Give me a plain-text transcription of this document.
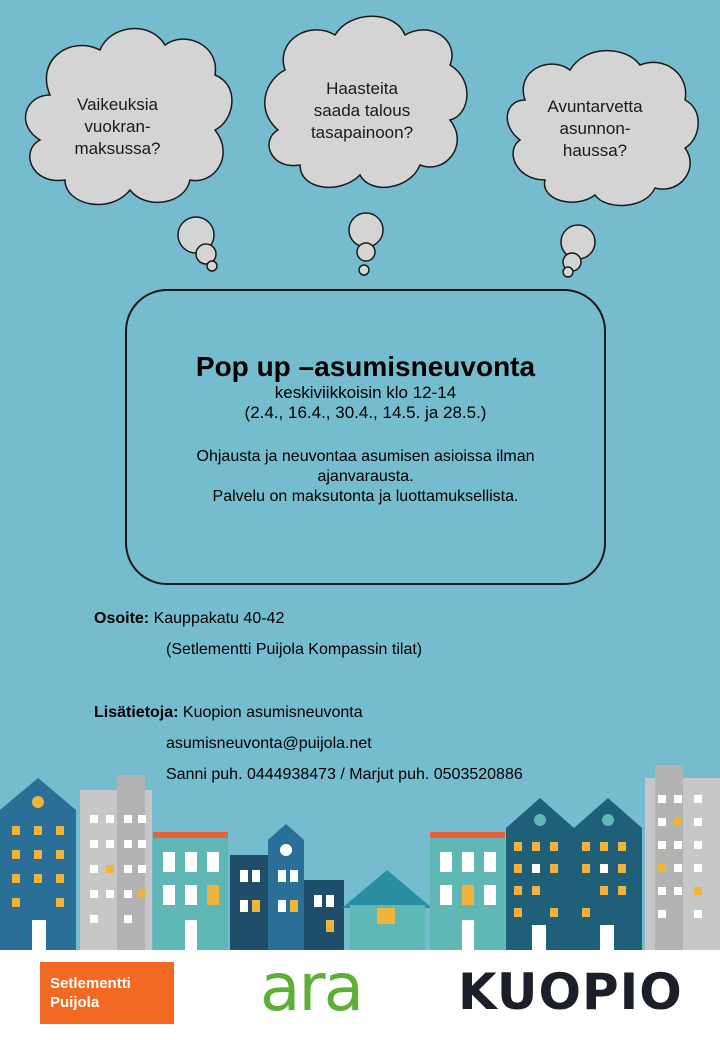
Vaikeuksia
vuokran-
maksussa?
Haasteita
saada talous
tasapainoon?
Avuntarvetta
asunnon-
haussa?
Pop up –asumisneuvonta
keskiviikkoisin klo 12-14
(2.4., 16.4., 30.4., 14.5. ja 28.5.)
Ohjausta ja neuvontaa asumisen asioissa ilman
ajanvarausta.
Palvelu on maksutonta ja luottamuksellista.
Osoite: Kauppakatu 40-42
(Setlementti Puijola Kompassin tilat)
Lisätietoja: Kuopion asumisneuvonta
asumisneuvonta@puijola.net
Sanni puh. 0444938473 / Marjut puh. 0503520886
Setlementti
Puijola	ara KUOPIO
